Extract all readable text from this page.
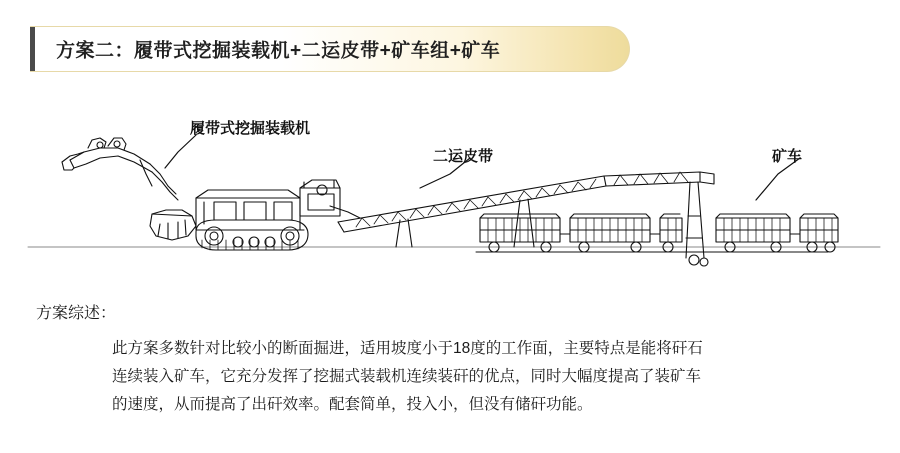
方案二：履带式挖掘装载机+二运皮带+矿车组+矿车
履带式挖掘装载机
二运皮带	矿车
方案综述：

此方案多数针对比较小的断面掘进，适用坡度小于18度的工作面，主要特点是能将矸石

连续装入矿车，它充分发挥了挖掘式装载机连续装矸的优点，同时大幅度提高了装矿车

的速度，从而提高了出矸效率。配套简单，投入小，但没有储矸功能。
